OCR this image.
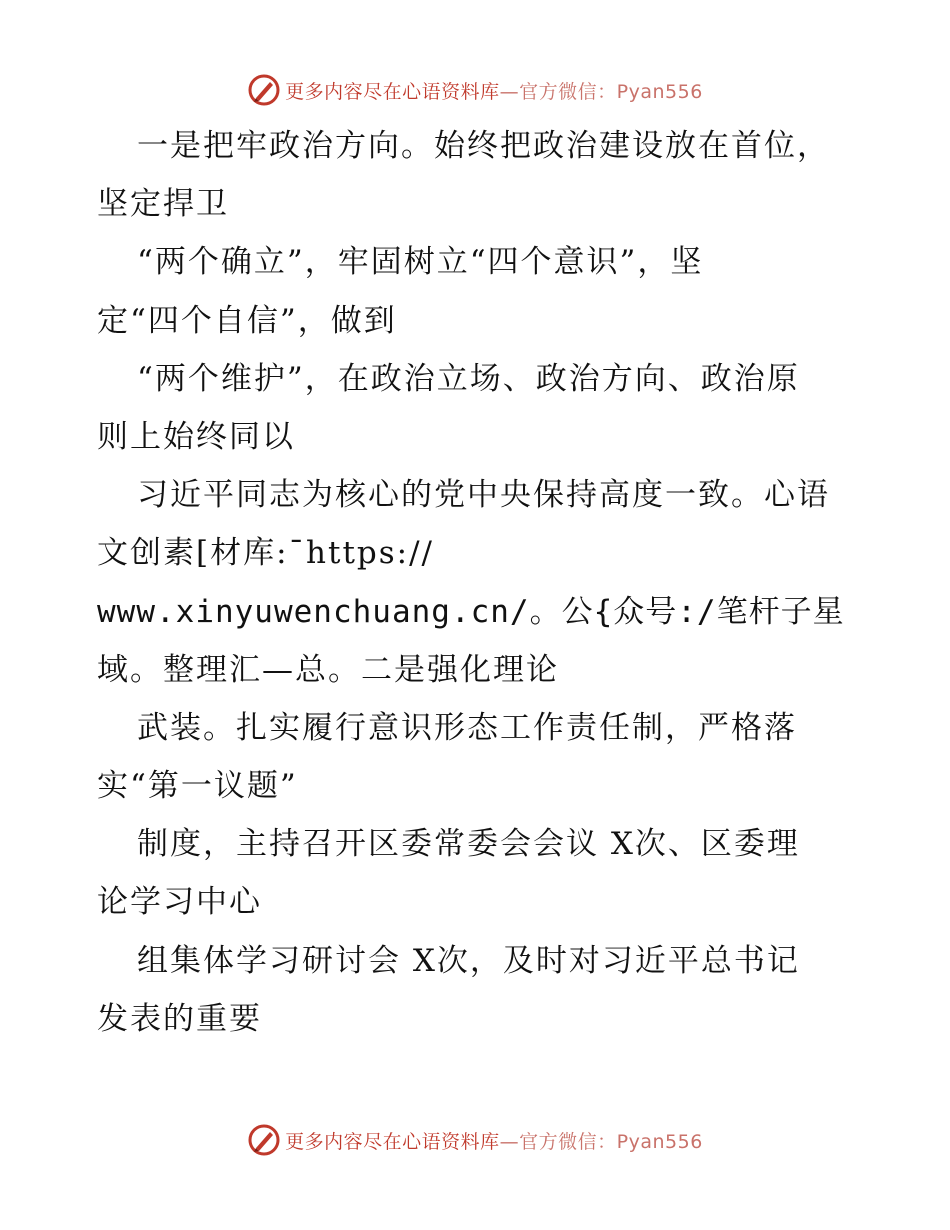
更多内容尽在心语资料库—官方微信：Pyan556
一是把牢政治方向。始终把政治建设放在首位，
坚定捍卫
“两个确立”，牢固树立“四个意识”，坚
定“四个自信”，做到
“两个维护”，在政治立场、政治方向、政治原
则上始终同以
习近平同志为核心的党中央保持高度一致。心语
文创素[材库:¯https://
www.xinyuwenchuang.cn/。公{众号:/笔杆子星
域。整理汇—总。二是强化理论
武装。扎实履行意识形态工作责任制，严格落
实“第一议题”
制度，主持召开区委常委会会议 X次、区委理
论学习中心
组集体学习研讨会 X次，及时对习近平总书记
发表的重要
更多内容尽在心语资料库—官方微信：Pyan556
